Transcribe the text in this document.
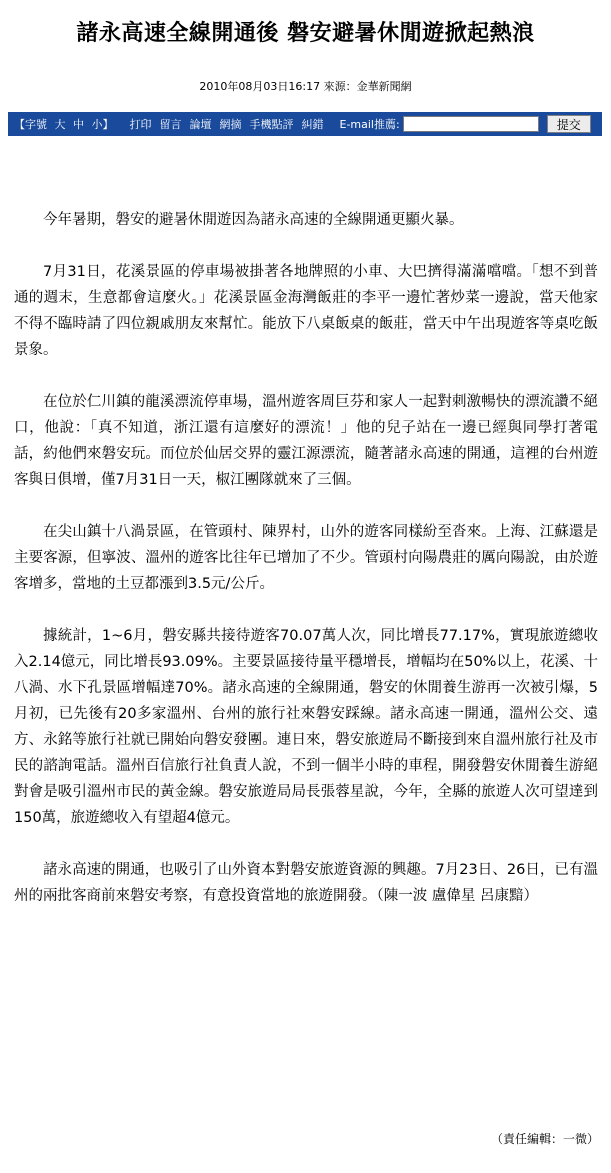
諸永高速全線開通後 磐安避暑休閒遊掀起熱浪
2010年08月03日16:17 來源：金華新聞網
【字號 大 中 小】 打印 留言 論壇 網摘 手機點評 糾錯 E-mail推薦:	提交

今年暑期，磐安的避暑休閒遊因為諸永高速的全線開通更顯火暴。

7月31日，花溪景區的停車場被掛著各地牌照的小車、大巴擠得滿滿噹噹。「想不到普通的週末，生意都會這麼火。」花溪景區金海灣飯莊的李平一邊忙著炒菜一邊說，當天他家不得不臨時請了四位親戚朋友來幫忙。能放下八桌飯桌的飯莊，當天中午出現遊客等桌吃飯景象。

在位於仁川鎮的龍溪漂流停車場，溫州遊客周巨芬和家人一起對刺激暢快的漂流讚不絕口，他說：「真不知道，浙江還有這麼好的漂流！」他的兒子站在一邊已經與同學打著電話，約他們來磐安玩。而位於仙居交界的靈江源漂流，隨著諸永高速的開通，這裡的台州遊客與日俱增，僅7月31日一天，椒江團隊就來了三個。

在尖山鎮十八渦景區，在管頭村、陳界村，山外的遊客同樣紛至沓來。上海、江蘇還是主要客源，但寧波、溫州的遊客比往年已增加了不少。管頭村向陽農莊的厲向陽說，由於遊客增多，當地的土豆都漲到3.5元/公斤。

據統計，1~6月，磐安縣共接待遊客70.07萬人次，同比增長77.17%，實現旅遊總收入2.14億元，同比增長93.09%。主要景區接待量平穩增長，增幅均在50%以上，花溪、十八渦、水下孔景區增幅達70%。諸永高速的全線開通，磐安的休閒養生游再一次被引爆，5月初，已先後有20多家溫州、台州的旅行社來磐安踩線。諸永高速一開通，溫州公交、遠方、永銘等旅行社就已開始向磐安發團。連日來，磐安旅遊局不斷接到來自溫州旅行社及市民的諮詢電話。溫州百信旅行社負責人說，不到一個半小時的車程，開發磐安休閒養生游絕對會是吸引溫州市民的黃金線。磐安旅遊局局長張蓉星說，今年，全縣的旅遊人次可望達到150萬，旅遊總收入有望超4億元。

諸永高速的開通，也吸引了山外資本對磐安旅遊資源的興趣。7月23日、26日，已有溫州的兩批客商前來磐安考察，有意投資當地的旅遊開發。（陳一波 盧偉星 呂康黯）

（責任編輯：一微）
